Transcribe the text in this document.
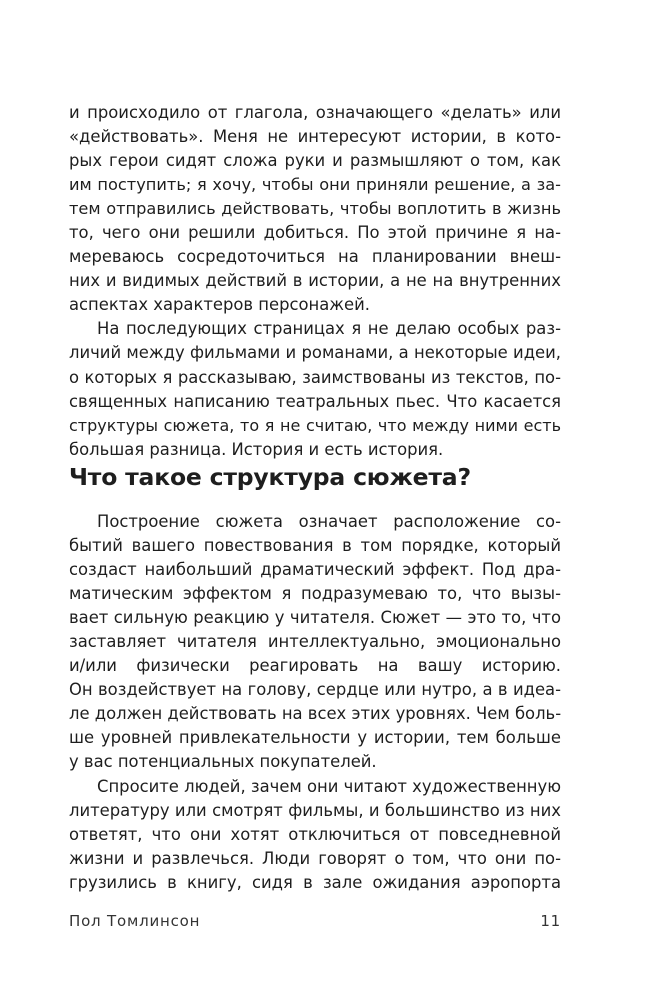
и происходило от глагола, означающего «делать» или
«действовать». Меня не интересуют истории, в кото-
рых герои сидят сложа руки и размышляют о том, как
им поступить; я хочу, чтобы они приняли решение, а за-
тем отправились действовать, чтобы воплотить в жизнь
то, чего они решили добиться. По этой причине я на-
мереваюсь сосредоточиться на планировании внеш-
них и видимых действий в истории, а не на внутренних
аспектах характеров персонажей.
На последующих страницах я не делаю особых раз-
личий между фильмами и романами, а некоторые идеи,
о которых я рассказываю, заимствованы из текстов, по-
священных написанию театральных пьес. Что касается
структуры сюжета, то я не считаю, что между ними есть
большая разница. История и есть история.
Что такое структура сюжета?
Построение сюжета означает расположение со-
бытий вашего повествования в том порядке, который
создаст наибольший драматический эффект. Под дра-
матическим эффектом я подразумеваю то, что вызы-
вает сильную реакцию у читателя. Сюжет — это то, что
заставляет читателя интеллектуально, эмоционально
и/или физически реагировать на вашу историю.
Он воздействует на голову, сердце или нутро, а в идеа-
ле должен действовать на всех этих уровнях. Чем боль-
ше уровней привлекательности у истории, тем больше
у вас потенциальных покупателей.
Спросите людей, зачем они читают художественную
литературу или смотрят фильмы, и большинство из них
ответят, что они хотят отключиться от повседневной
жизни и развлечься. Люди говорят о том, что они по-
грузились в книгу, сидя в зале ожидания аэропорта
Пол Томлинсон	11
